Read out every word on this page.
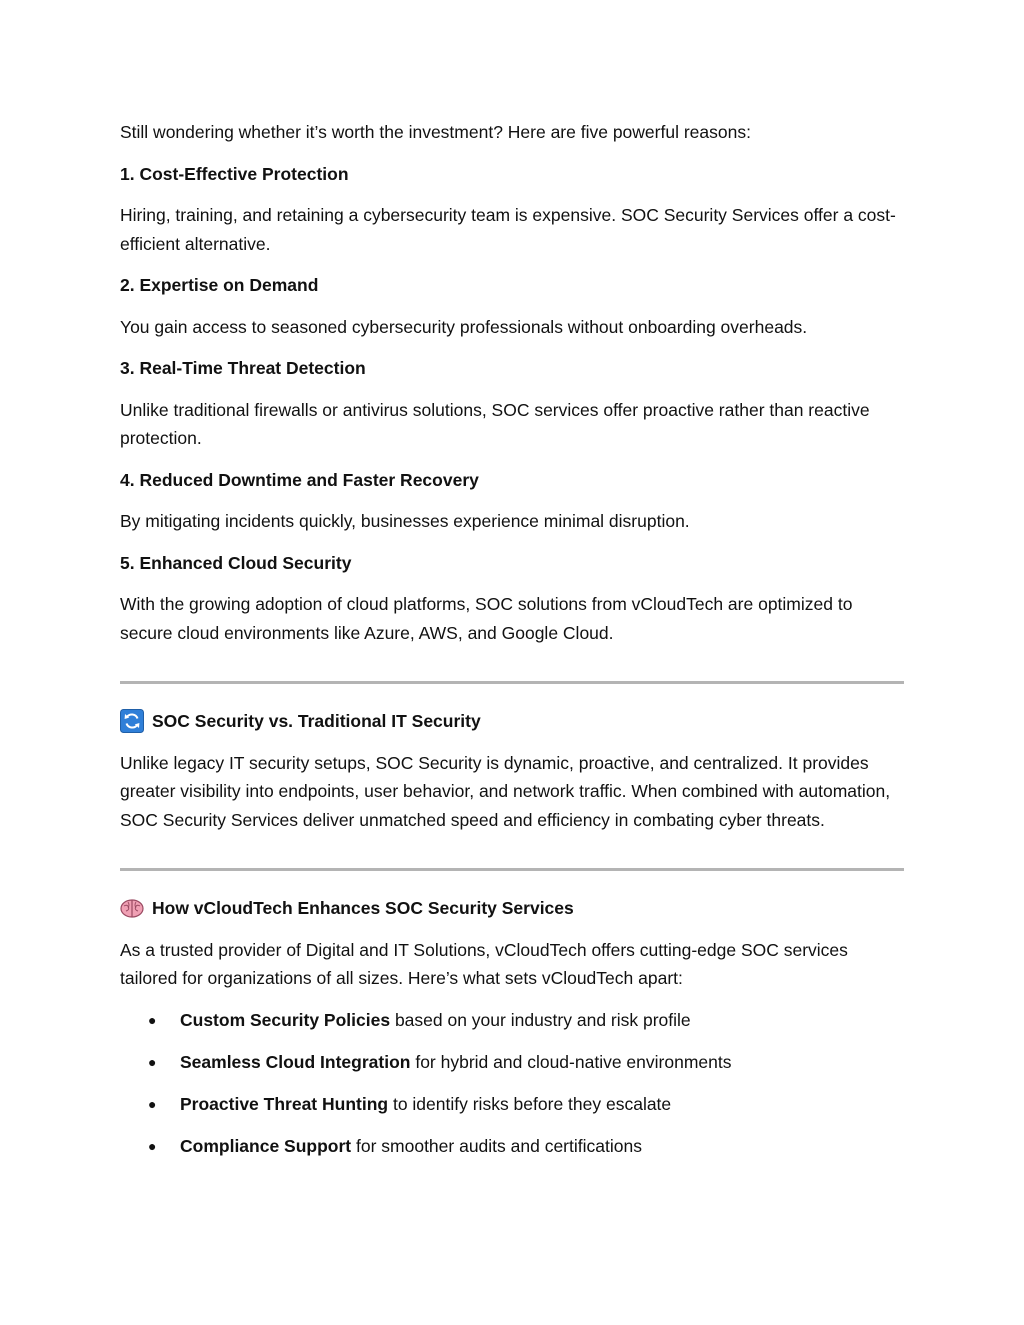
Still wondering whether it’s worth the investment? Here are five powerful reasons:

1. Cost-Effective Protection

Hiring, training, and retaining a cybersecurity team is expensive. SOC Security Services offer a cost-efficient alternative.

2. Expertise on Demand

You gain access to seasoned cybersecurity professionals without onboarding overheads.

3. Real-Time Threat Detection

Unlike traditional firewalls or antivirus solutions, SOC services offer proactive rather than reactive protection.

4. Reduced Downtime and Faster Recovery

By mitigating incidents quickly, businesses experience minimal disruption.

5. Enhanced Cloud Security

With the growing adoption of cloud platforms, SOC solutions from vCloudTech are optimized to secure cloud environments like Azure, AWS, and Google Cloud.

SOC Security vs. Traditional IT Security

Unlike legacy IT security setups, SOC Security is dynamic, proactive, and centralized. It provides greater visibility into endpoints, user behavior, and network traffic. When combined with automation, SOC Security Services deliver unmatched speed and efficiency in combating cyber threats.

How vCloudTech Enhances SOC Security Services

As a trusted provider of Digital and IT Solutions, vCloudTech offers cutting-edge SOC services tailored for organizations of all sizes. Here’s what sets vCloudTech apart:

● Custom Security Policies based on your industry and risk profile
● Seamless Cloud Integration for hybrid and cloud-native environments
● Proactive Threat Hunting to identify risks before they escalate
● Compliance Support for smoother audits and certifications
